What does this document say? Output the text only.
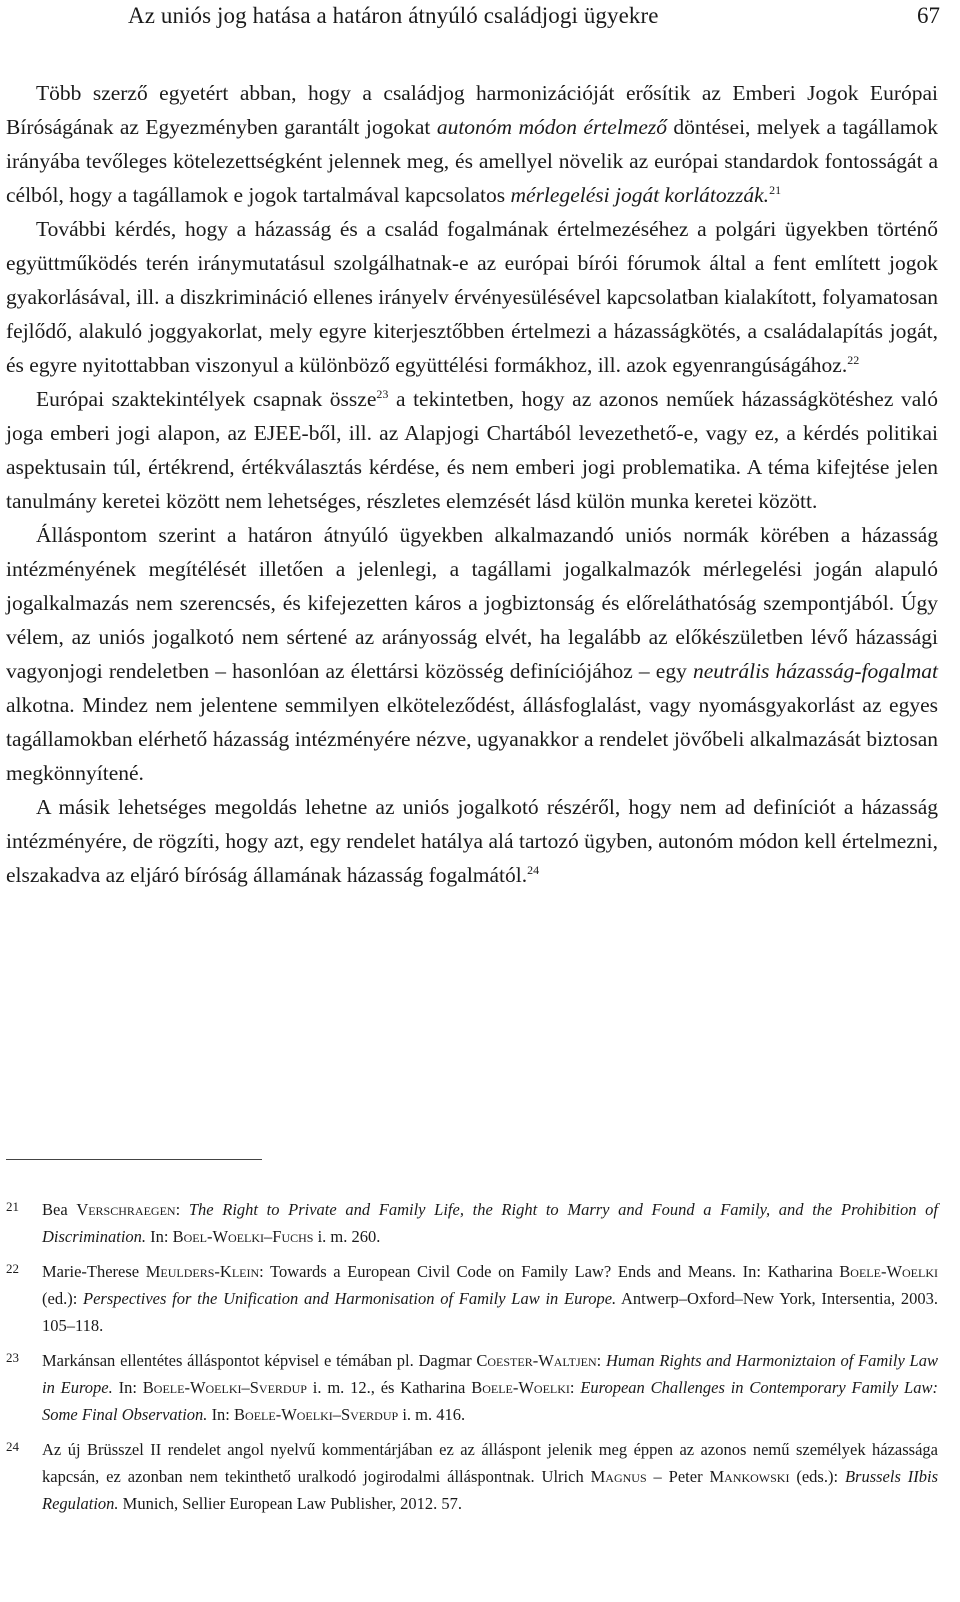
Az uniós jog hatása a határon átnyúló családjogi ügyekre	67

Több szerző egyetért abban, hogy a családjog harmonizációját erősítik az Emberi Jogok Európai Bíróságának az Egyezményben garantált jogokat autonóm módon értelmező döntései, melyek a tagállamok irányába tevőleges kötelezettségként jelennek meg, és amellyel növelik az európai standardok fontosságát a célból, hogy a tagállamok e jogok tartalmával kapcsolatos mérlegelési jogát korlátozzák.$^{21}$

További kérdés, hogy a házasság és a család fogalmának értelmezéséhez a polgári ügyekben történő együttműködés terén iránymutatásul szolgálhatnak-e az európai bírói fórumok által a fent említett jogok gyakorlásával, ill. a diszkrimináció ellenes irányelv érvényesülésével kapcsolatban kialakított, folyamatosan fejlődő, alakuló joggyakorlat, mely egyre kiterjesztőbben értelmezi a házasságkötés, a családalapítás jogát, és egyre nyitottabban viszonyul a különböző együttélési formákhoz, ill. azok egyenrangúságához.$^{22}$

Európai szaktekintélyek csapnak össze$^{23}$ a tekintetben, hogy az azonos neműek házasságkötéshez való joga emberi jogi alapon, az EJEE-ből, ill. az Alapjogi Chartából levezethető-e, vagy ez, a kérdés politikai aspektusain túl, értékrend, értékválasztás kérdése, és nem emberi jogi problematika. A téma kifejtése jelen tanulmány keretei között nem lehetséges, részletes elemzését lásd külön munka keretei között.

Álláspontom szerint a határon átnyúló ügyekben alkalmazandó uniós normák körében a házasság intézményének megítélését illetően a jelenlegi, a tagállami jogalkalmazók mérlegelési jogán alapuló jogalkalmazás nem szerencsés, és kifejezetten káros a jogbiztonság és előreláthatóság szempontjából. Úgy vélem, az uniós jogalkotó nem sértené az arányosság elvét, ha legalább az előkészületben lévő házassági vagyonjogi rendeletben – hasonlóan az élettársi közösség definíciójához – egy neutrális házasság-fogalmat alkotna. Mindez nem jelentene semmilyen elköteleződést, állásfoglalást, vagy nyomásgyakorlást az egyes tagállamokban elérhető házasság intézményére nézve, ugyanakkor a rendelet jövőbeli alkalmazását biztosan megkönnyítené.

A másik lehetséges megoldás lehetne az uniós jogalkotó részéről, hogy nem ad definíciót a házasság intézményére, de rögzíti, hogy azt, egy rendelet hatálya alá tartozó ügyben, autonóm módon kell értelmezni, elszakadva az eljáró bíróság államának házasság fogalmától.$^{24}$

21 Bea Verschraegen: The Right to Private and Family Life, the Right to Marry and Found a Family, and the Prohibition of Discrimination. In: Boel-Woelki–Fuchs i. m. 260.
22 Marie-Therese Meulders-Klein: Towards a European Civil Code on Family Law? Ends and Means. In: Katharina Boele-Woelki (ed.): Perspectives for the Unification and Harmonisation of Family Law in Europe. Antwerp–Oxford–New York, Intersentia, 2003. 105–118.
23 Markánsan ellentétes álláspontot képvisel e témában pl. Dagmar Coester-Waltjen: Human Rights and Harmoniztaion of Family Law in Europe. In: Boele-Woelki–Sverdup i. m. 12., és Katharina Boele-Woelki: European Challenges in Contemporary Family Law: Some Final Observation. In: Boele-Woelki–Sverdup i. m. 416.
24 Az új Brüsszel II rendelet angol nyelvű kommentárjában ez az álláspont jelenik meg éppen az azonos nemű személyek házassága kapcsán, ez azonban nem tekinthető uralkodó jogirodalmi álláspontnak. Ulrich Magnus – Peter Mankowski (eds.): Brussels IIbis Regulation. Munich, Sellier European Law Publisher, 2012. 57.
